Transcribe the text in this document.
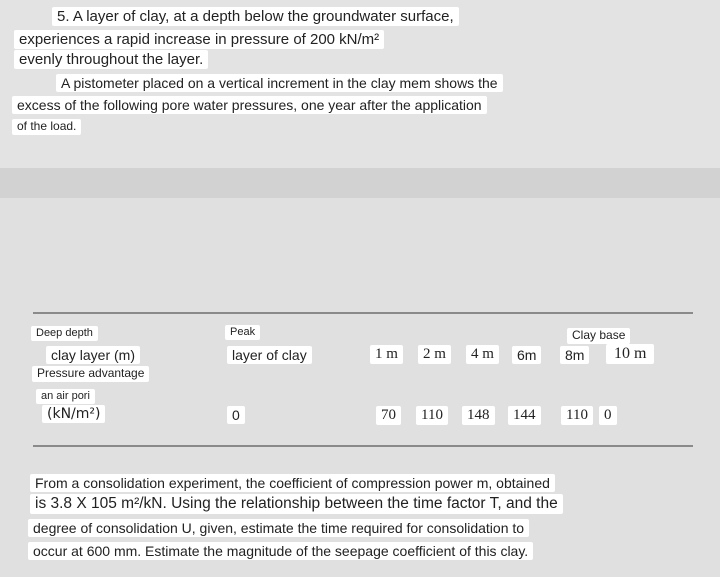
5. A layer of clay, at a depth below the groundwater surface,
experiences a rapid increase in pressure of 200 kN/m²
evenly throughout the layer.
A pistometer placed on a vertical increment in the clay mem shows the
excess of the following pore water pressures, one year after the application
of the load.
Deep depth	Peak	Clay base
clay layer (m)	layer of clay	1 m	2 m	4 m	6m	8m	10 m
Pressure advantage
an air pori
(kN/m²)	0	70	110	148	144	110	0
From a consolidation experiment, the coefficient of compression power m, obtained
is 3.8 X 105 m²/kN. Using the relationship between the time factor T, and the
degree of consolidation U, given, estimate the time required for consolidation to
occur at 600 mm. Estimate the magnitude of the seepage coefficient of this clay.
